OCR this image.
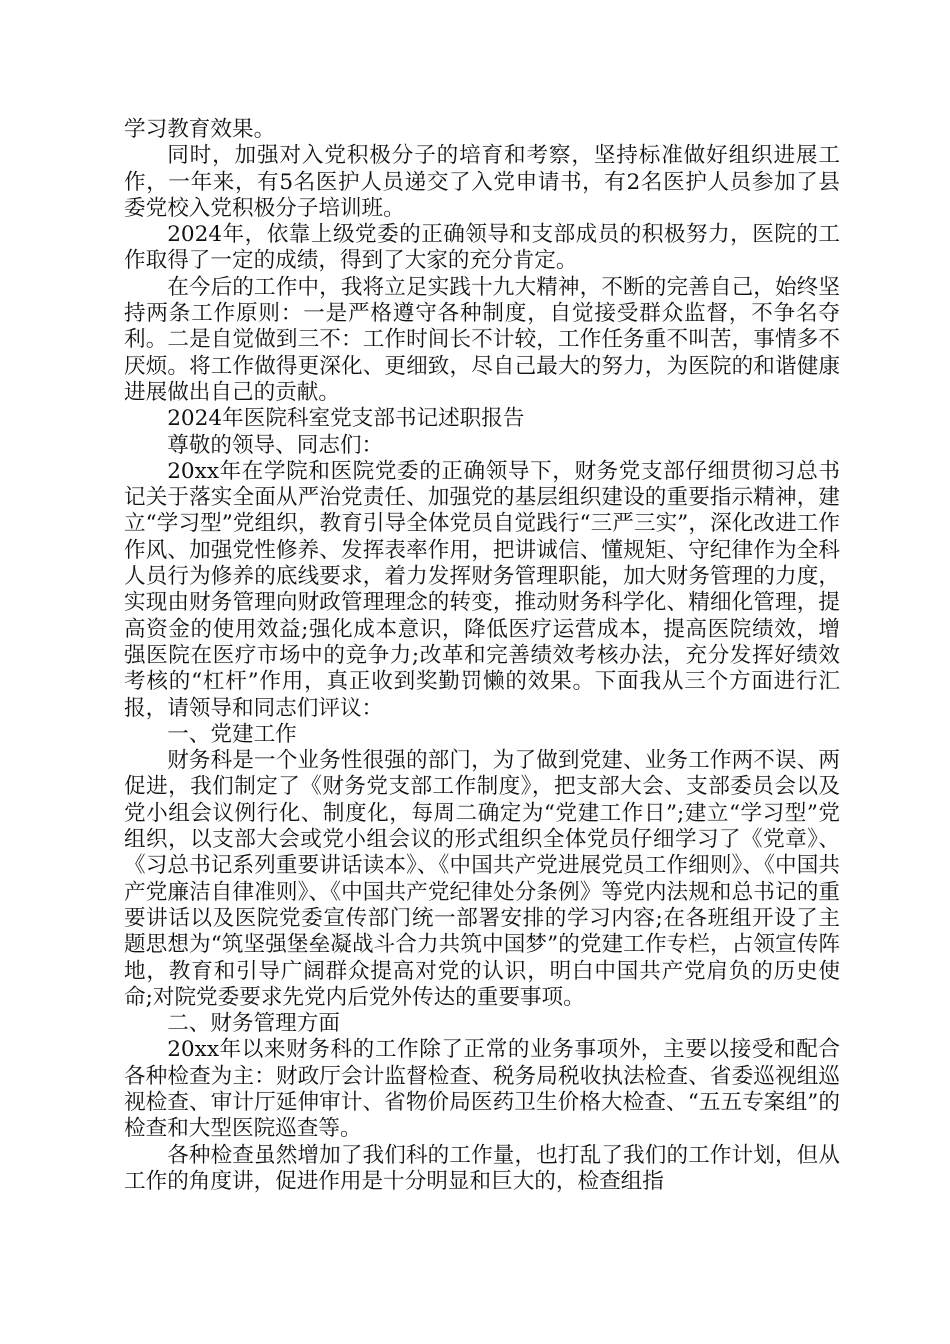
学习教育效果。

同时，加强对入党积极分子的培育和考察，坚持标准做好组织进展工作，一年来，有5名医护人员递交了入党申请书，有2名医护人员参加了县委党校入党积极分子培训班。

2024年，依靠上级党委的正确领导和支部成员的积极努力，医院的工作取得了一定的成绩，得到了大家的充分肯定。

在今后的工作中，我将立足实践十九大精神，不断的完善自己，始终坚持两条工作原则：一是严格遵守各种制度，自觉接受群众监督，不争名夺利。二是自觉做到三不：工作时间长不计较，工作任务重不叫苦，事情多不厌烦。将工作做得更深化、更细致，尽自己最大的努力，为医院的和谐健康进展做出自己的贡献。

2024年医院科室党支部书记述职报告

尊敬的领导、同志们：

20xx年在学院和医院党委的正确领导下，财务党支部仔细贯彻习总书记关于落实全面从严治党责任、加强党的基层组织建设的重要指示精神，建立“学习型”党组织，教育引导全体党员自觉践行“三严三实”，深化改进工作作风、加强党性修养、发挥表率作用，把讲诚信、懂规矩、守纪律作为全科人员行为修养的底线要求，着力发挥财务管理职能，加大财务管理的力度，实现由财务管理向财政管理理念的转变，推动财务科学化、精细化管理，提高资金的使用效益;强化成本意识，降低医疗运营成本，提高医院绩效，增强医院在医疗市场中的竞争力;改革和完善绩效考核办法，充分发挥好绩效考核的“杠杆”作用，真正收到奖勤罚懒的效果。下面我从三个方面进行汇报，请领导和同志们评议：

一、党建工作

财务科是一个业务性很强的部门，为了做到党建、业务工作两不误、两促进，我们制定了《财务党支部工作制度》，把支部大会、支部委员会以及党小组会议例行化、制度化，每周二确定为“党建工作日”;建立“学习型”党组织，以支部大会或党小组会议的形式组织全体党员仔细学习了《党章》、《习总书记系列重要讲话读本》、《中国共产党进展党员工作细则》、《中国共产党廉洁自律准则》、《中国共产党纪律处分条例》等党内法规和总书记的重要讲话以及医院党委宣传部门统一部署安排的学习内容;在各班组开设了主题思想为“筑坚强堡垒凝战斗合力共筑中国梦”的党建工作专栏，占领宣传阵地，教育和引导广阔群众提高对党的认识，明白中国共产党肩负的历史使命;对院党委要求先党内后党外传达的重要事项。

二、财务管理方面

20xx年以来财务科的工作除了正常的业务事项外，主要以接受和配合各种检查为主：财政厅会计监督检查、税务局税收执法检查、省委巡视组巡视检查、审计厅延伸审计、省物价局医药卫生价格大检查、“五五专案组”的检查和大型医院巡查等。

各种检查虽然增加了我们科的工作量，也打乱了我们的工作计划，但从工作的角度讲，促进作用是十分明显和巨大的，检查组指
